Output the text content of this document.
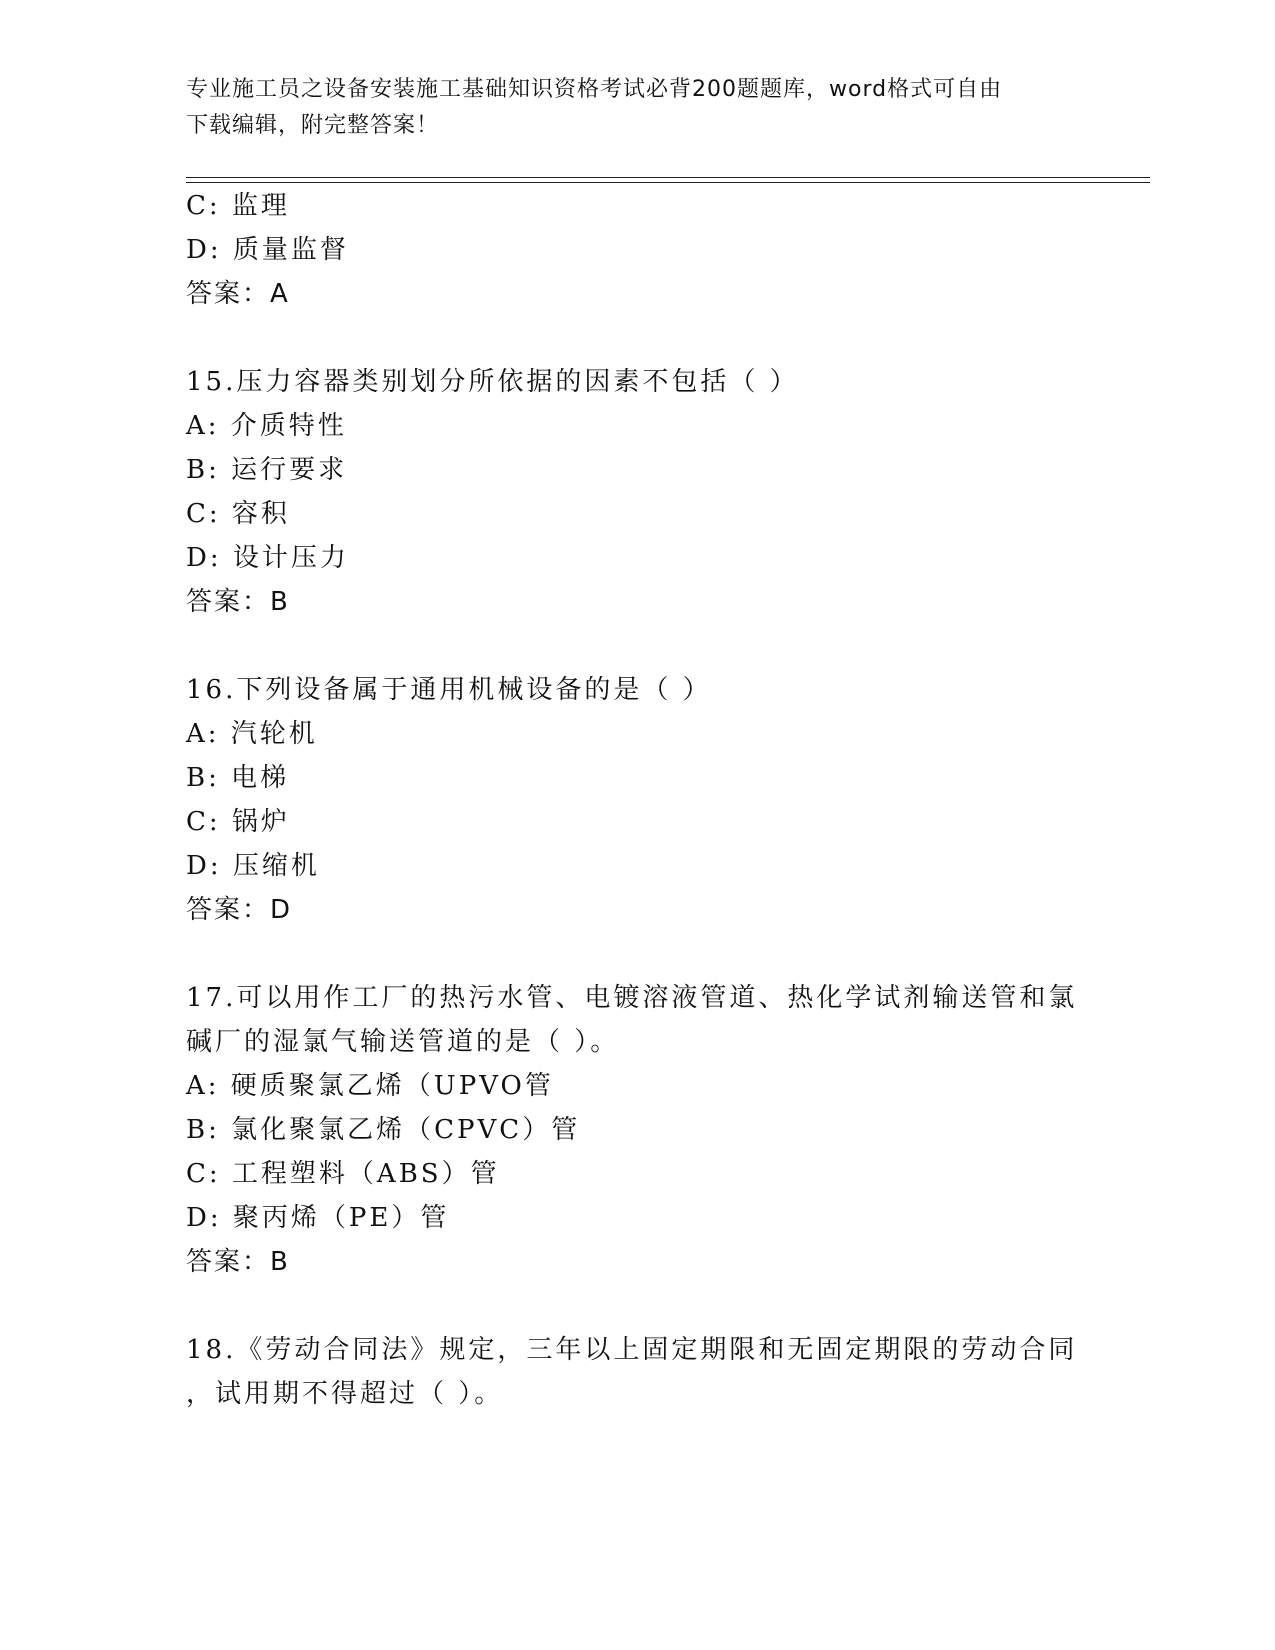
专业施工员之设备安装施工基础知识资格考试必背200题题库，word格式可自由
下载编辑，附完整答案！
C: 监理
D: 质量监督
答案：A
15.压力容器类别划分所依据的因素不包括（ ）
A: 介质特性
B: 运行要求
C: 容积
D: 设计压力
答案：B
16.下列设备属于通用机械设备的是（ ）
A: 汽轮机
B: 电梯
C: 锅炉
D: 压缩机
答案：D
17.可以用作工厂的热污水管、电镀溶液管道、热化学试剂输送管和氯
碱厂的湿氯气输送管道的是（ ）。
A: 硬质聚氯乙烯（UPVO管
B: 氯化聚氯乙烯（CPVC）管
C: 工程塑料（ABS）管
D: 聚丙烯（PE）管
答案：B
18.《劳动合同法》规定，三年以上固定期限和无固定期限的劳动合同
，试用期不得超过（ ）。
